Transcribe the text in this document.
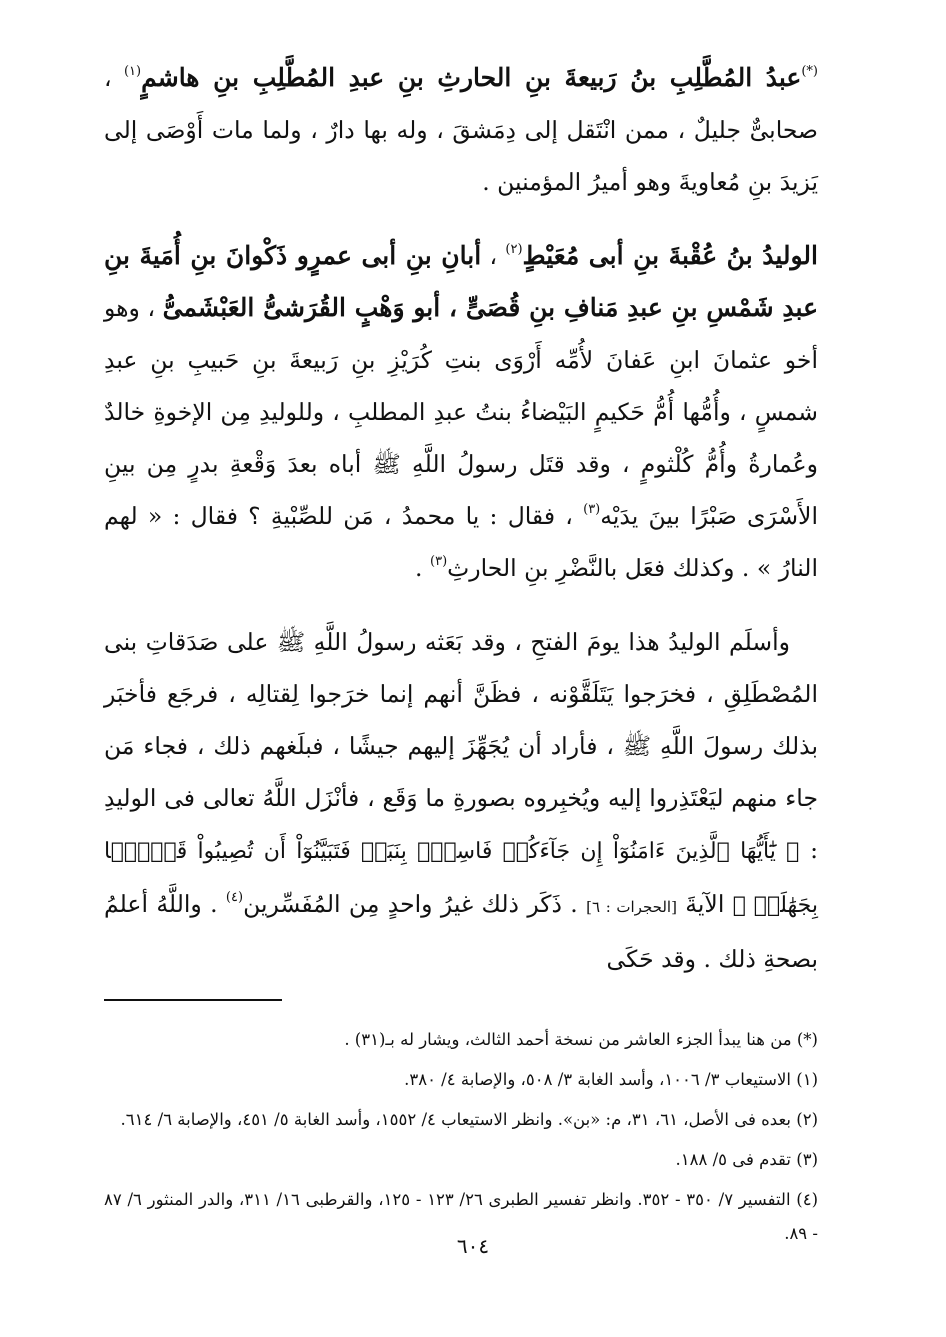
(*)عبدُ المُطَّلِبِ بنُ رَبيعةَ بنِ الحارثِ بنِ عبدِ المُطَّلِبِ بنِ هاشمٍ$^{(١)}$ ، صحابىٌّ جليلٌ ، ممن انْتَقل إلى دِمَشقَ ، وله بها دارٌ ، ولما مات أَوْصَى إلى يَزيدَ بنِ مُعاويةَ وهو أميرُ المؤمنين .

الوليدُ بنُ عُقْبةَ بنِ أبى مُعَيْطٍ$^{(٢)}$ ، أبانِ بنِ أبى عمرٍو ذَكْوانَ بنِ أُمَيةَ بنِ عبدِ شَمْسِ بنِ عبدِ مَنافِ بنِ قُصَىٍّ ، أبو وَهْبٍ القُرَشىُّ العَبْشَمىُّ ، وهو أخو عثمانَ ابنِ عَفانَ لأُمِّه أَرْوَى بنتِ كُرَيْزِ بنِ رَبيعةَ بنِ حَبيبِ بنِ عبدِ شمسٍ ، وأُمُّها أُمُّ حَكيمٍ البَيْضاءُ بنتُ عبدِ المطلبِ ، وللوليدِ مِن الإخوةِ خالدٌ وعُمارةُ وأُمُّ كُلْثومٍ ، وقد قتَل رسولُ اللَّهِ ﷺ أباه بعدَ وَقْعةِ بدرٍ مِن بينِ الأَسْرَى صَبْرًا بينَ يدَيْه$^{(٣)}$ ، فقال : يا محمدُ ، مَن للصِّبْيةِ ؟ فقال : « لهم النارُ » . وكذلك فعَل بالنَّضْرِ بنِ الحارثِ$^{(٣)}$ .

وأسلَم الوليدُ هذا يومَ الفتحِ ، وقد بَعَثه رسولُ اللَّهِ ﷺ على صَدَقاتِ بنى المُصْطَلِقِ ، فخرَجوا يَتَلَقَّوْنه ، فظَنَّ أنهم إنما خرَجوا لِقتالِه ، فرجَع فأخبَر بذلك رسولَ اللَّهِ ﷺ ، فأراد أن يُجَهِّزَ إليهم جيشًا ، فبلَغهم ذلك ، فجاء مَن جاء منهم ليَعْتَذِروا إليه ويُخبِروه بصورةِ ما وَقَع ، فأنْزَل اللَّهُ تعالى فى الوليدِ : ﴿ يَٰٓأَيُّهَا ٱلَّذِينَ ءَامَنُوٓاْ إِن جَآءَكُمۡ فَاسِقُۢ بِنَبَإٖ فَتَبَيَّنُوٓاْ أَن تُصِيبُواْ قَوۡمَۢا بِجَهَٰلَةٖ ﴾ الآيةَ [الحجرات : ٦] . ذَكَر ذلك غيرُ واحدٍ مِن المُفَسِّرين$^{(٤)}$ . واللَّهُ أعلمُ بصحةِ ذلك . وقد حَكَى

(*) من هنا يبدأ الجزء العاشر من نسخة أحمد الثالث، ويشار له بـ(٣١) .

(١) الاستيعاب ٣/ ١٠٠٦، وأسد الغابة ٣/ ٥٠٨، والإصابة ٤/ ٣٨٠.

(٢) بعده فى الأصل، ٦١، ٣١، م: «بن». وانظر الاستيعاب ٤/ ١٥٥٢، وأسد الغابة ٥/ ٤٥١، والإصابة ٦/ ٦١٤.

(٣) تقدم فى ٥/ ١٨٨.

(٤) التفسير ٧/ ٣٥٠ - ٣٥٢. وانظر تفسير الطبرى ٢٦/ ١٢٣ - ١٢٥، والقرطبى ١٦/ ٣١١، والدر المنثور ٦/ ٨٧ - ٨٩.

٦٠٤
